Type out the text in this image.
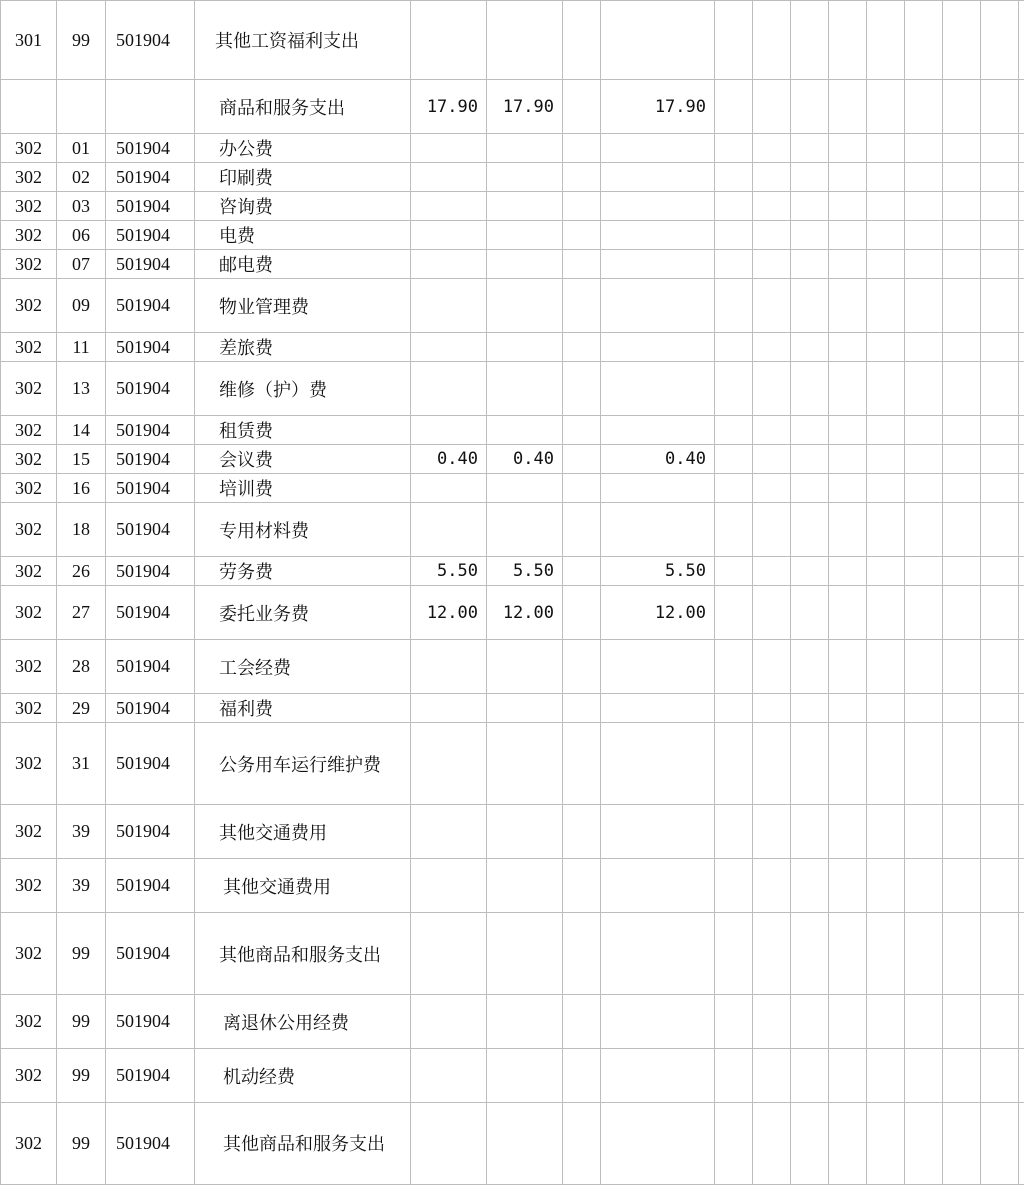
301	99	501904	其他工资福利支出													
			商品和服务支出	17.90	17.90		17.90									
302	01	501904	办公费													
302	02	501904	印刷费													
302	03	501904	咨询费													
302	06	501904	电费													
302	07	501904	邮电费													
302	09	501904	物业管理费													
302	11	501904	差旅费													
302	13	501904	维修（护）费													
302	14	501904	租赁费													
302	15	501904	会议费	0.40	0.40		0.40									
302	16	501904	培训费													
302	18	501904	专用材料费													
302	26	501904	劳务费	5.50	5.50		5.50									
302	27	501904	委托业务费	12.00	12.00		12.00									
302	28	501904	工会经费													
302	29	501904	福利费													
302	31	501904	公务用车运行维护费													
302	39	501904	其他交通费用													
302	39	501904	其他交通费用													
302	99	501904	其他商品和服务支出													
302	99	501904	离退休公用经费													
302	99	501904	机动经费													
302	99	501904	其他商品和服务支出													
